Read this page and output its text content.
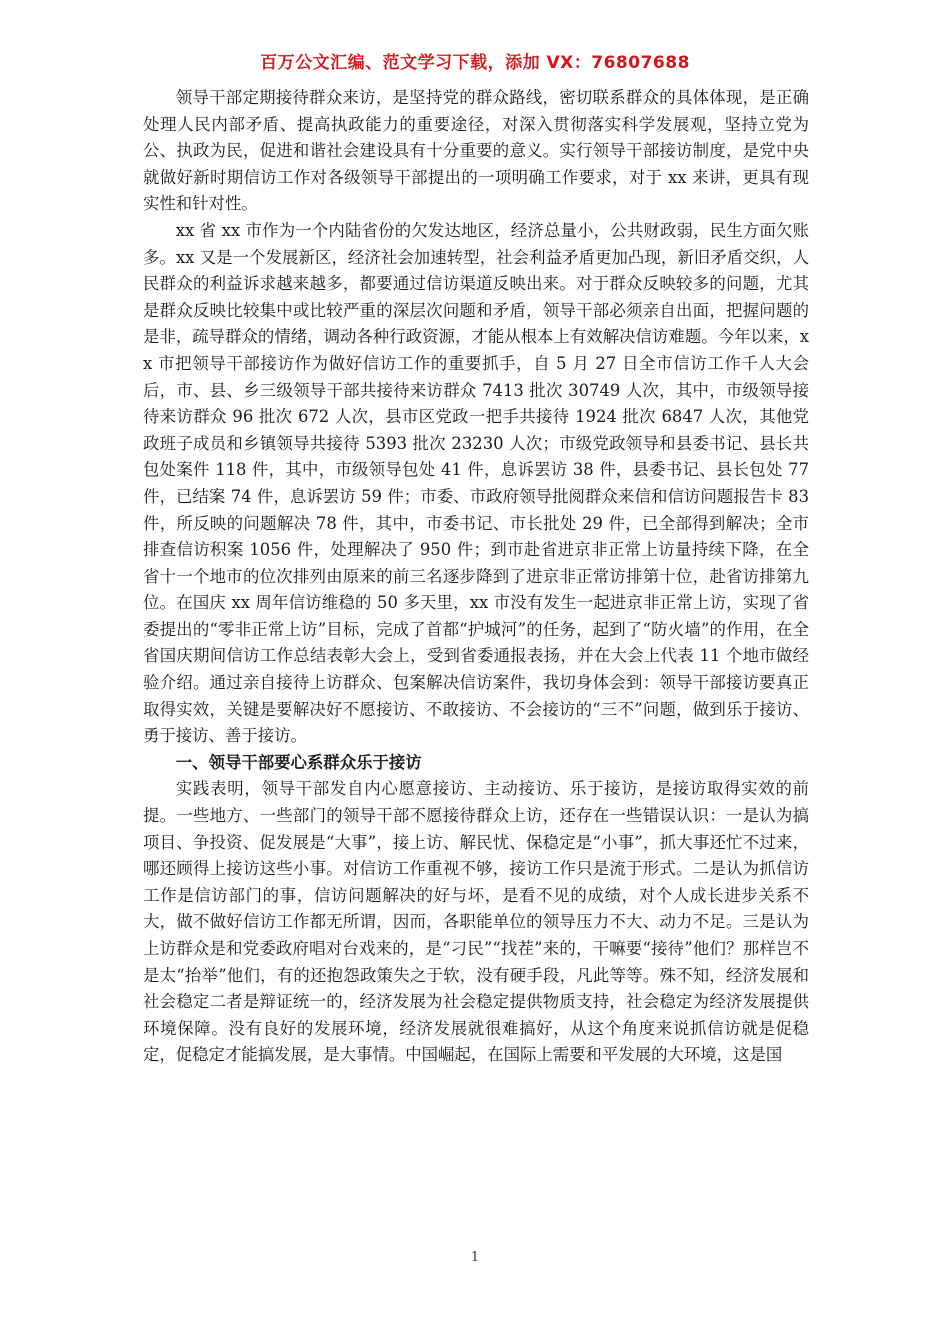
百万公文汇编、范文学习下载，添加 VX：76807688

领导干部定期接待群众来访，是坚持党的群众路线，密切联系群众的具体体现，是正确处理人民内部矛盾、提高执政能力的重要途径，对深入贯彻落实科学发展观，坚持立党为公、执政为民，促进和谐社会建设具有十分重要的意义。实行领导干部接访制度，是党中央就做好新时期信访工作对各级领导干部提出的一项明确工作要求，对于 xx 来讲，更具有现实性和针对性。

xx 省 xx 市作为一个内陆省份的欠发达地区，经济总量小，公共财政弱，民生方面欠账多。xx 又是一个发展新区，经济社会加速转型，社会利益矛盾更加凸现，新旧矛盾交织，人民群众的利益诉求越来越多，都要通过信访渠道反映出来。对于群众反映较多的问题，尤其是群众反映比较集中或比较严重的深层次问题和矛盾，领导干部必须亲自出面，把握问题的是非，疏导群众的情绪，调动各种行政资源，才能从根本上有效解决信访难题。今年以来，xx 市把领导干部接访作为做好信访工作的重要抓手，自 5 月 27 日全市信访工作千人大会后，市、县、乡三级领导干部共接待来访群众 7413 批次 30749 人次，其中，市级领导接待来访群众 96 批次 672 人次，县市区党政一把手共接待 1924 批次 6847 人次，其他党政班子成员和乡镇领导共接待 5393 批次 23230 人次；市级党政领导和县委书记、县长共包处案件 118 件，其中，市级领导包处 41 件，息诉罢访 38 件，县委书记、县长包处 77 件，已结案 74 件，息诉罢访 59 件；市委、市政府领导批阅群众来信和信访问题报告卡 83 件，所反映的问题解决 78 件，其中，市委书记、市长批处 29 件，已全部得到解决；全市排查信访积案 1056 件，处理解决了 950 件；到市赴省进京非正常上访量持续下降，在全省十一个地市的位次排列由原来的前三名逐步降到了进京非正常访排第十位，赴省访排第九位。在国庆 xx 周年信访维稳的 50 多天里，xx 市没有发生一起进京非正常上访，实现了省委提出的“零非正常上访”目标，完成了首都“护城河”的任务，起到了“防火墙”的作用，在全省国庆期间信访工作总结表彰大会上，受到省委通报表扬，并在大会上代表 11 个地市做经验介绍。通过亲自接待上访群众、包案解决信访案件，我切身体会到：领导干部接访要真正取得实效，关键是要解决好不愿接访、不敢接访、不会接访的“三不”问题，做到乐于接访、勇于接访、善于接访。

一、领导干部要心系群众乐于接访

实践表明，领导干部发自内心愿意接访、主动接访、乐于接访，是接访取得实效的前提。一些地方、一些部门的领导干部不愿接待群众上访，还存在一些错误认识：一是认为搞项目、争投资、促发展是“大事”，接上访、解民忧、保稳定是“小事”，抓大事还忙不过来，哪还顾得上接访这些小事。对信访工作重视不够，接访工作只是流于形式。二是认为抓信访工作是信访部门的事，信访问题解决的好与坏，是看不见的成绩，对个人成长进步关系不大，做不做好信访工作都无所谓，因而，各职能单位的领导压力不大、动力不足。三是认为上访群众是和党委政府唱对台戏来的，是“刁民”“找茬”来的，干嘛要“接待”他们？那样岂不是太“抬举”他们，有的还抱怨政策失之于软，没有硬手段，凡此等等。殊不知，经济发展和社会稳定二者是辩证统一的，经济发展为社会稳定提供物质支持，社会稳定为经济发展提供环境保障。没有良好的发展环境，经济发展就很难搞好，从这个角度来说抓信访就是促稳定，促稳定才能搞发展，是大事情。中国崛起，在国际上需要和平发展的大环境，这是国

1
